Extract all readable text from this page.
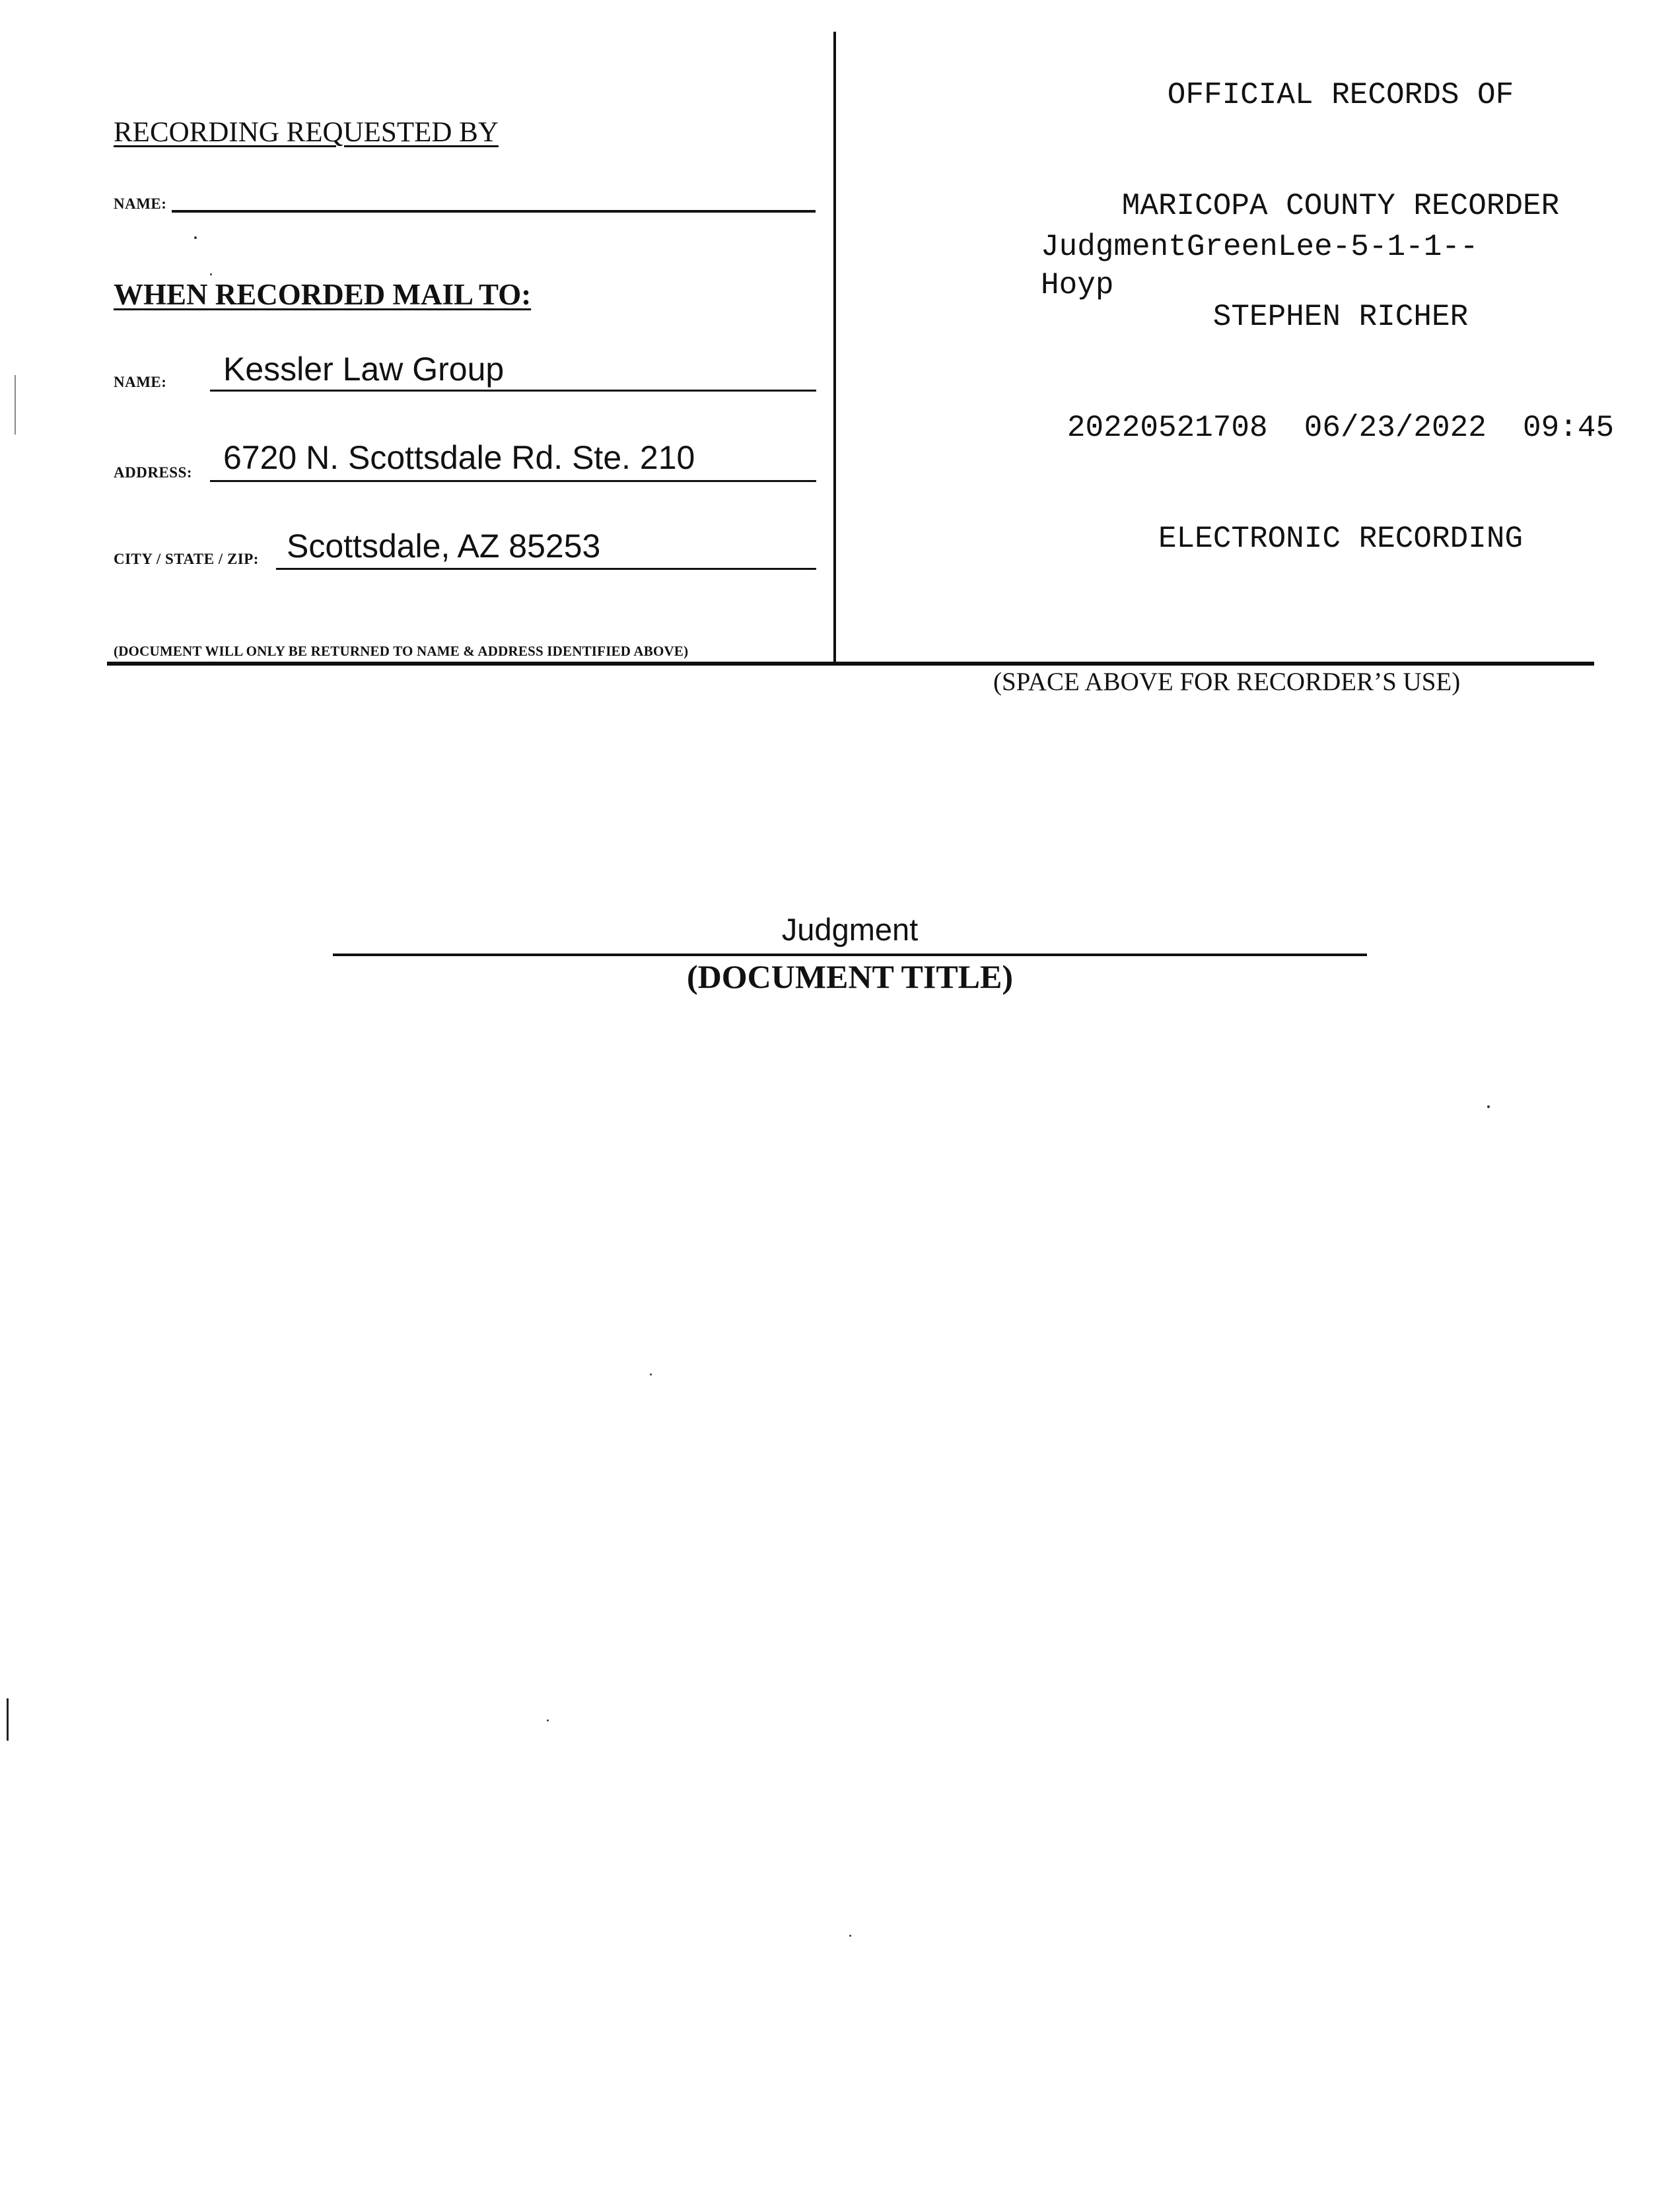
RECORDING REQUESTED BY
NAME:
WHEN RECORDED MAIL TO:
NAME: Kessler Law Group
ADDRESS: 6720 N. Scottsdale Rd. Ste. 210
CITY / STATE / ZIP: Scottsdale, AZ 85253
(DOCUMENT WILL ONLY BE RETURNED TO NAME & ADDRESS IDENTIFIED ABOVE)

OFFICIAL RECORDS OF

MARICOPA COUNTY RECORDER

STEPHEN RICHER

20220521708  06/23/2022  09:45

ELECTRONIC RECORDING

JudgmentGreenLee-5-1-1--
Hoyp
(SPACE ABOVE FOR RECORDER’S USE)
Judgment
(DOCUMENT TITLE)
